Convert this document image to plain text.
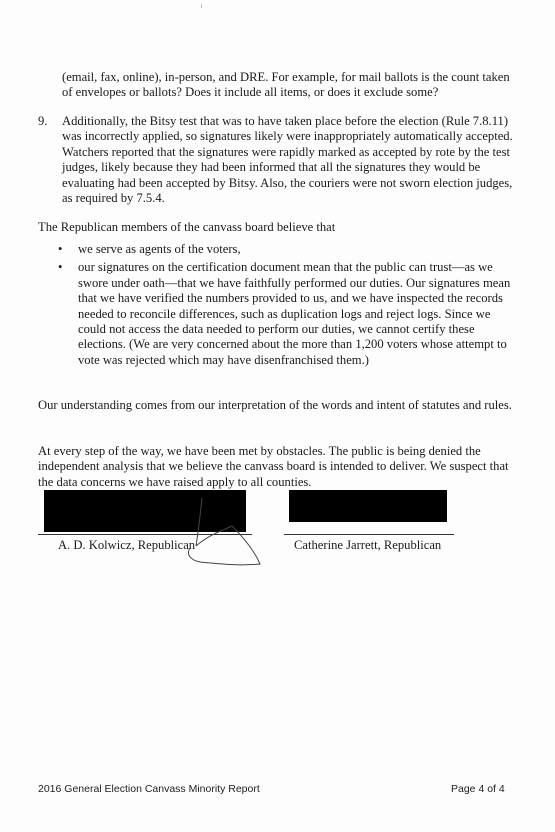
(email, fax, online), in-person, and DRE. For example, for mail ballots is the count taken of envelopes or ballots? Does it include all items, or does it exclude some?
9.	Additionally, the Bitsy test that was to have taken place before the election (Rule 7.8.11) was incorrectly applied, so signatures likely were inappropriately automatically accepted. Watchers reported that the signatures were rapidly marked as accepted by rote by the test judges, likely because they had been informed that all the signatures they would be evaluating had been accepted by Bitsy. Also, the couriers were not sworn election judges, as required by 7.5.4.
The Republican members of the canvass board believe that
• we serve as agents of the voters,
• our signatures on the certification document mean that the public can trust—as we swore under oath—that we have faithfully performed our duties. Our signatures mean that we have verified the numbers provided to us, and we have inspected the records needed to reconcile differences, such as duplication logs and reject logs. Since we could not access the data needed to perform our duties, we cannot certify these elections. (We are very concerned about the more than 1,200 voters whose attempt to vote was rejected which may have disenfranchised them.)
Our understanding comes from our interpretation of the words and intent of statutes and rules.
At every step of the way, we have been met by obstacles. The public is being denied the independent analysis that we believe the canvass board is intended to deliver. We suspect that the data concerns we have raised apply to all counties.
A. D. Kolwicz, Republican	Catherine Jarrett, Republican
2016 General Election Canvass Minority Report	Page 4 of 4
